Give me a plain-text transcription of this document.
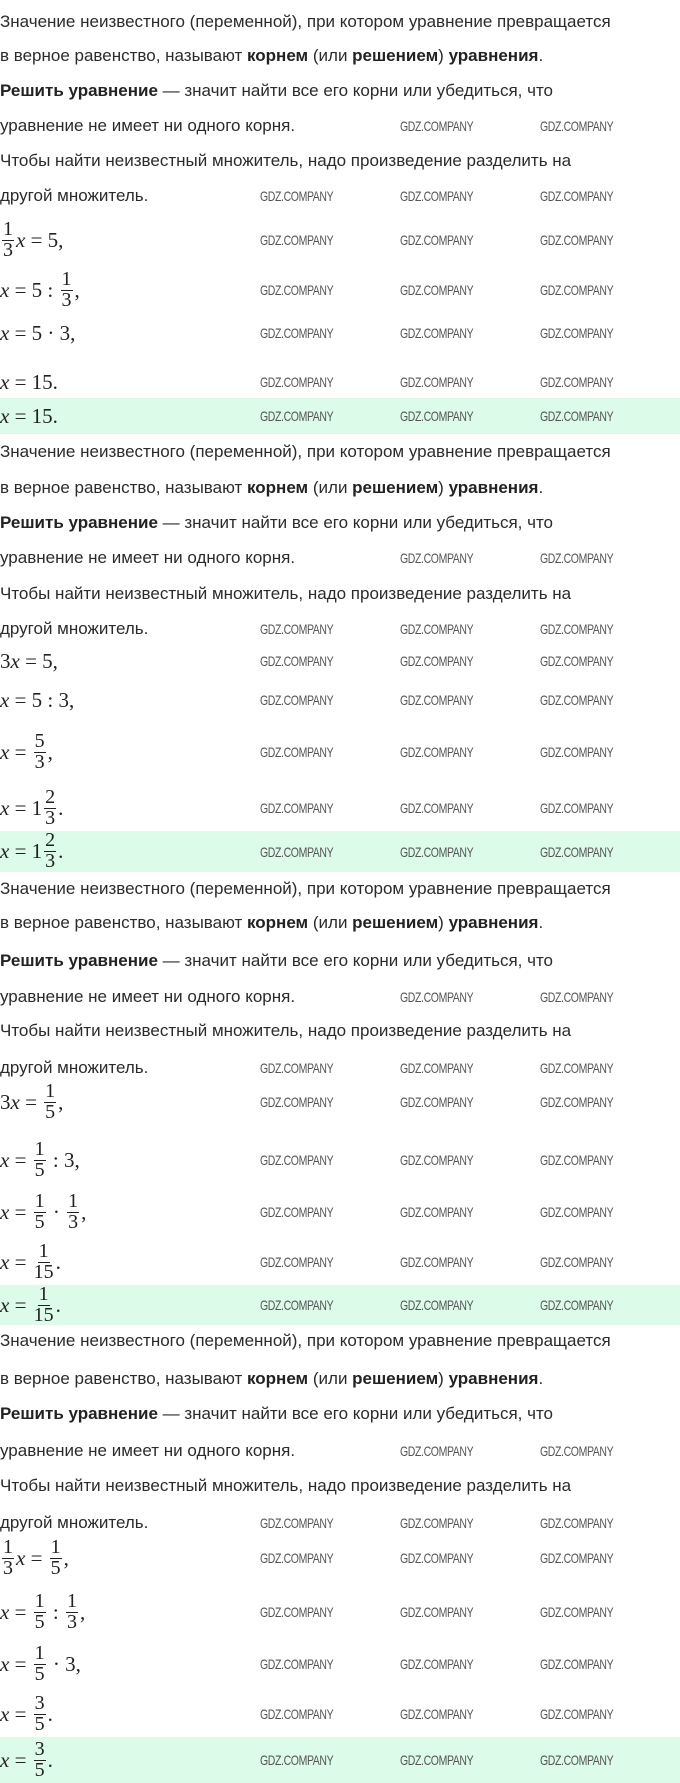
Значение неизвестного (переменной), при котором уравнение превращается
в верное равенство, называют корнем (или решением) уравнения.
Решить уравнение — значит найти все его корни или убедиться, что
уравнение не имеет ни одного корня.
Чтобы найти неизвестный множитель, надо произведение разделить на
другой множитель.
$\frac{1}{3}$ x = 5,
x = 5 : $\frac{1}{3}$ ,
x = 5 · 3,
x = 15.
x = 15.
GDZ.COMPANY	GDZ.COMPANY
GDZ.COMPANY	GDZ.COMPANY	GDZ.COMPANY
GDZ.COMPANY	GDZ.COMPANY	GDZ.COMPANY
GDZ.COMPANY	GDZ.COMPANY	GDZ.COMPANY
GDZ.COMPANY	GDZ.COMPANY	GDZ.COMPANY
GDZ.COMPANY	GDZ.COMPANY	GDZ.COMPANY
GDZ.COMPANY	GDZ.COMPANY	GDZ.COMPANY
Значение неизвестного (переменной), при котором уравнение превращается
в верное равенство, называют корнем (или решением) уравнения.
Решить уравнение — значит найти все его корни или убедиться, что
уравнение не имеет ни одного корня.
Чтобы найти неизвестный множитель, надо произведение разделить на
другой множитель.
3 x = 5,
x = 5 : 3,
$x = \frac{5}{3}$ ,
$x = 1 \frac{2}{3}$ .
$x = 1 \frac{2}{3}$ .
GDZ.COMPANY	GDZ.COMPANY
GDZ.COMPANY	GDZ.COMPANY	GDZ.COMPANY
GDZ.COMPANY	GDZ.COMPANY	GDZ.COMPANY
GDZ.COMPANY	GDZ.COMPANY	GDZ.COMPANY
GDZ.COMPANY	GDZ.COMPANY	GDZ.COMPANY
GDZ.COMPANY	GDZ.COMPANY	GDZ.COMPANY
GDZ.COMPANY	GDZ.COMPANY	GDZ.COMPANY
Значение неизвестного (переменной), при котором уравнение превращается
в верное равенство, называют корнем (или решением) уравнения.
Решить уравнение — значит найти все его корни или убедиться, что
уравнение не имеет ни одного корня.
Чтобы найти неизвестный множитель, надо произведение разделить на
другой множитель.
3 $x = \frac{1}{5}$ ,
$x = \frac{1}{5}$ : 3,
$x = \frac{1}{5} \cdot \frac{1}{3}$ ,
$x = \frac{1}{15}$ .
$x = \frac{1}{15}$ .
GDZ.COMPANY	GDZ.COMPANY
GDZ.COMPANY	GDZ.COMPANY	GDZ.COMPANY
GDZ.COMPANY	GDZ.COMPANY	GDZ.COMPANY
GDZ.COMPANY	GDZ.COMPANY	GDZ.COMPANY
GDZ.COMPANY	GDZ.COMPANY	GDZ.COMPANY
GDZ.COMPANY	GDZ.COMPANY	GDZ.COMPANY
GDZ.COMPANY	GDZ.COMPANY	GDZ.COMPANY
Значение неизвестного (переменной), при котором уравнение превращается
в верное равенство, называют корнем (или решением) уравнения.
Решить уравнение — значит найти все его корни или убедиться, что
уравнение не имеет ни одного корня.
Чтобы найти неизвестный множитель, надо произведение разделить на
другой множитель.
$\frac{1}{3}$ $x = \frac{1}{5}$ ,
$x = \frac{1}{5}$ : $\frac{1}{3}$ ,
$x = \frac{1}{5} \cdot 3$,
$x = \frac{3}{5}$ .
$x = \frac{3}{5}$ .
GDZ.COMPANY	GDZ.COMPANY
GDZ.COMPANY	GDZ.COMPANY	GDZ.COMPANY
GDZ.COMPANY	GDZ.COMPANY	GDZ.COMPANY
GDZ.COMPANY	GDZ.COMPANY	GDZ.COMPANY
GDZ.COMPANY	GDZ.COMPANY	GDZ.COMPANY
GDZ.COMPANY	GDZ.COMPANY	GDZ.COMPANY
GDZ.COMPANY	GDZ.COMPANY	GDZ.COMPANY
